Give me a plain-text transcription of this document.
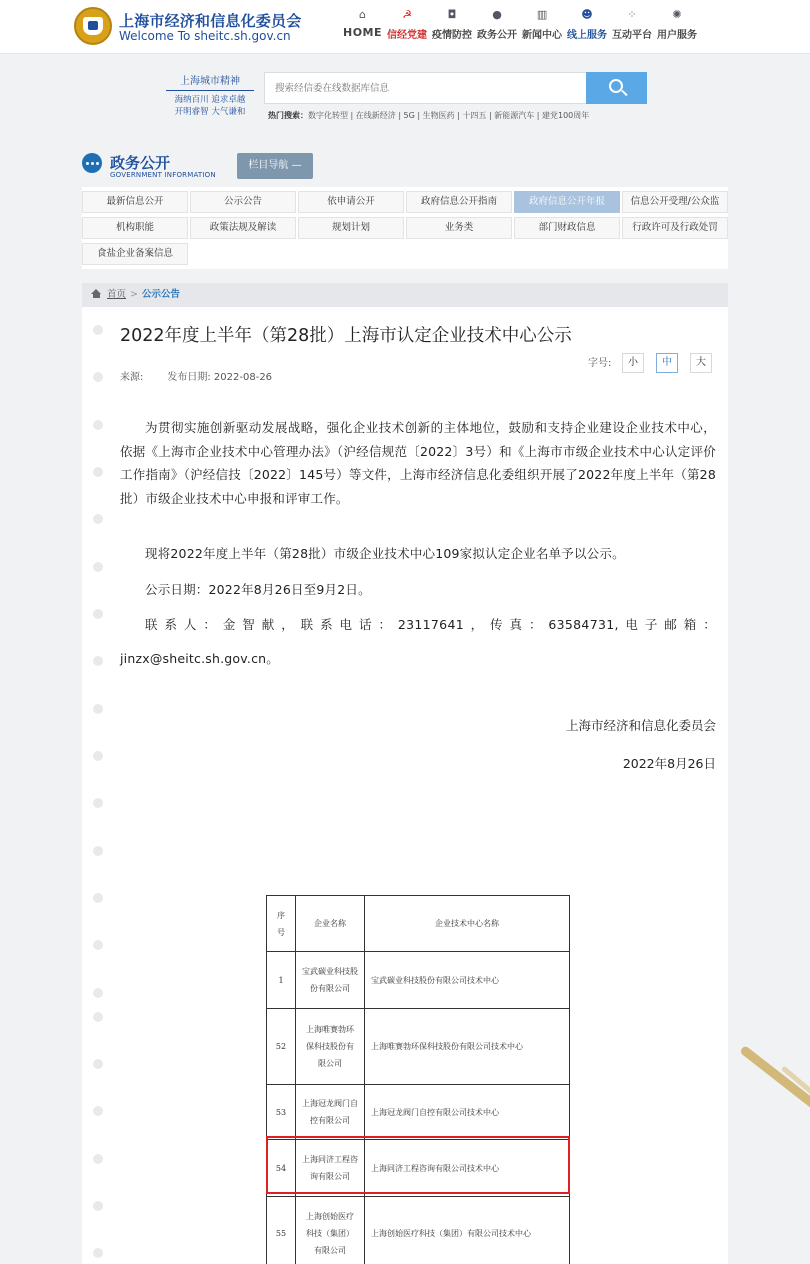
上海市经济和信息化委员会
Welcome To sheitc.sh.gov.cn
⌂
HOME
☭
信经党建
◘
疫情防控
●
政务公开
▥
新闻中心
☻
线上服务
⁘
互动平台
✺
用户服务
上海城市精神
海纳百川 追求卓越
开明睿智 大气谦和
搜索经信委在线数据库信息	热门搜索：数字化转型 | 在线新经济 | 5G | 生物医药 | 十四五 | 新能源汽车 | 建党100周年
政务公开
GOVERNMENT INFORMATION
栏目导航 —
最新信息公开	公示公告	依申请公开	政府信息公开指南	政府信息公开年报	信息公开受理/公众监
机构职能	政策法规及解读	规划计划	业务类	部门财政信息	行政许可及行政处罚
食盐企业备案信息
首页 > 公示公告
2022年度上半年（第28批）上海市认定企业技术中心公示
来源: 发布日期: 2022-08-26
字号:	小	中	大
为贯彻实施创新驱动发展战略，强化企业技术创新的主体地位，鼓励和支持企业建设企业技术中心，依据《上海市企业技术中心管理办法》（沪经信规范〔2022〕3号）和《上海市市级企业技术中心认定评价工作指南》（沪经信技〔2022〕145号）等文件，上海市经济信息化委组织开展了2022年度上半年（第28批）市级企业技术中心申报和评审工作。
现将2022年度上半年（第28批）市级企业技术中心109家拟认定企业名单予以公示。
公示日期：2022年8月26日至9月2日。
联系人：金智献，联系电话：23117641，传真：63584731,电子邮箱：
jinzx@sheitc.sh.gov.cn。
上海市经济和信息化委员会
2022年8月26日
序号	企业名称	企业技术中心名称
1	宝武碳业科技股份有限公司	宝武碳业科技股份有限公司技术中心
52	上海唯赛勃环保科技股份有限公司	上海唯赛勃环保科技股份有限公司技术中心
53	上海冠龙阀门自控有限公司	上海冠龙阀门自控有限公司技术中心
54	上海同济工程咨询有限公司	上海同济工程咨询有限公司技术中心
55	上海创始医疗科技（集团）有限公司	上海创始医疗科技（集团）有限公司技术中心
